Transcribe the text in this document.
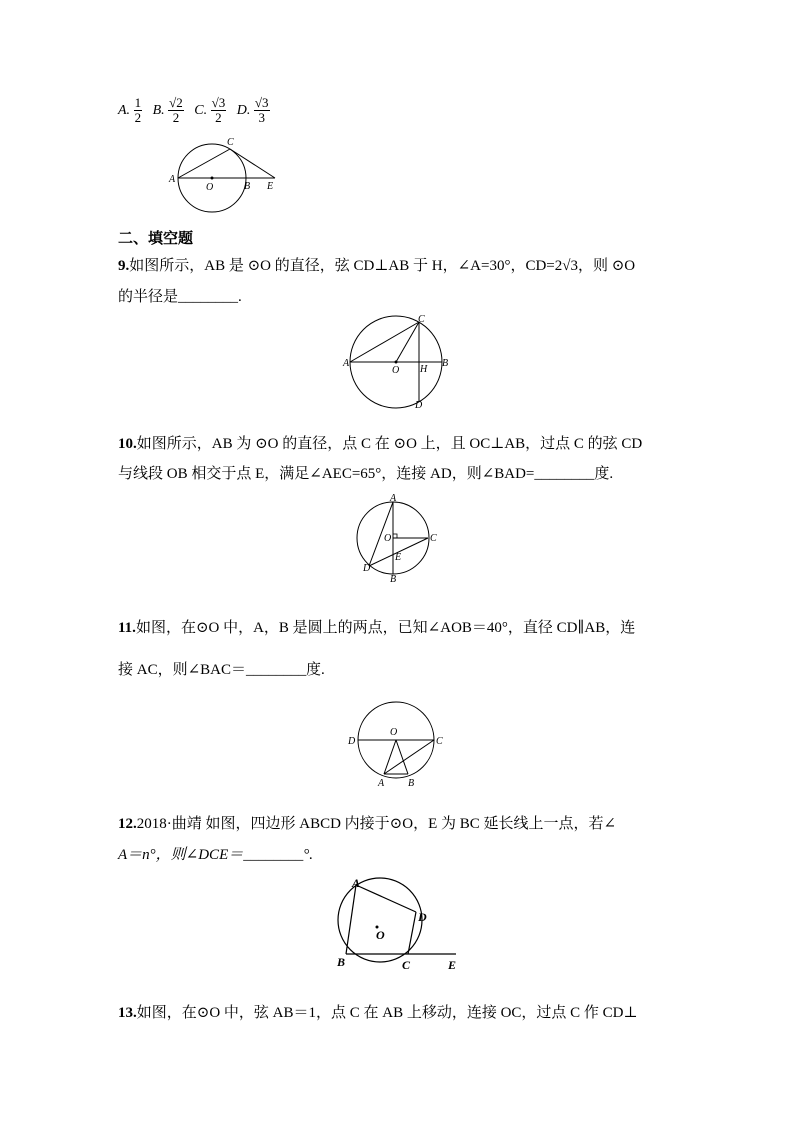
A. $\frac{1}{2} B$. $\frac{√2}{2} C$. $\frac{√3}{2} D$. $\frac{√3}{3}$
A
O	B E
C
二、填空题
9.如图所示，AB 是 ⊙O 的直径，弦 CD⊥AB 于 H，∠A=30°，CD=2√3，则 ⊙O
的半径是________.
A
O H
B
C
D
10.如图所示，AB 为 ⊙O 的直径，点 C 在 ⊙O 上，且 OC⊥AB，过点 C 的弦 CD
与线段 OB 相交于点 E，满足∠AEC=65°，连接 AD，则∠BAD=________度.
A
O	C
E
D
B
11.如图，在⊙O 中，A，B 是圆上的两点，已知∠AOB＝40°，直径 CD∥AB，连
接 AC，则∠BAC＝________度.
O
D	C
A B
12.2018·曲靖 如图，四边形 ABCD 内接于⊙O，E 为 BC 延长线上一点，若∠
A＝n°，则∠DCE＝________°.
A
D
O
B	C	E
13.如图，在⊙O 中，弦 AB＝1，点 C 在 AB 上移动，连接 OC，过点 C 作 CD⊥
